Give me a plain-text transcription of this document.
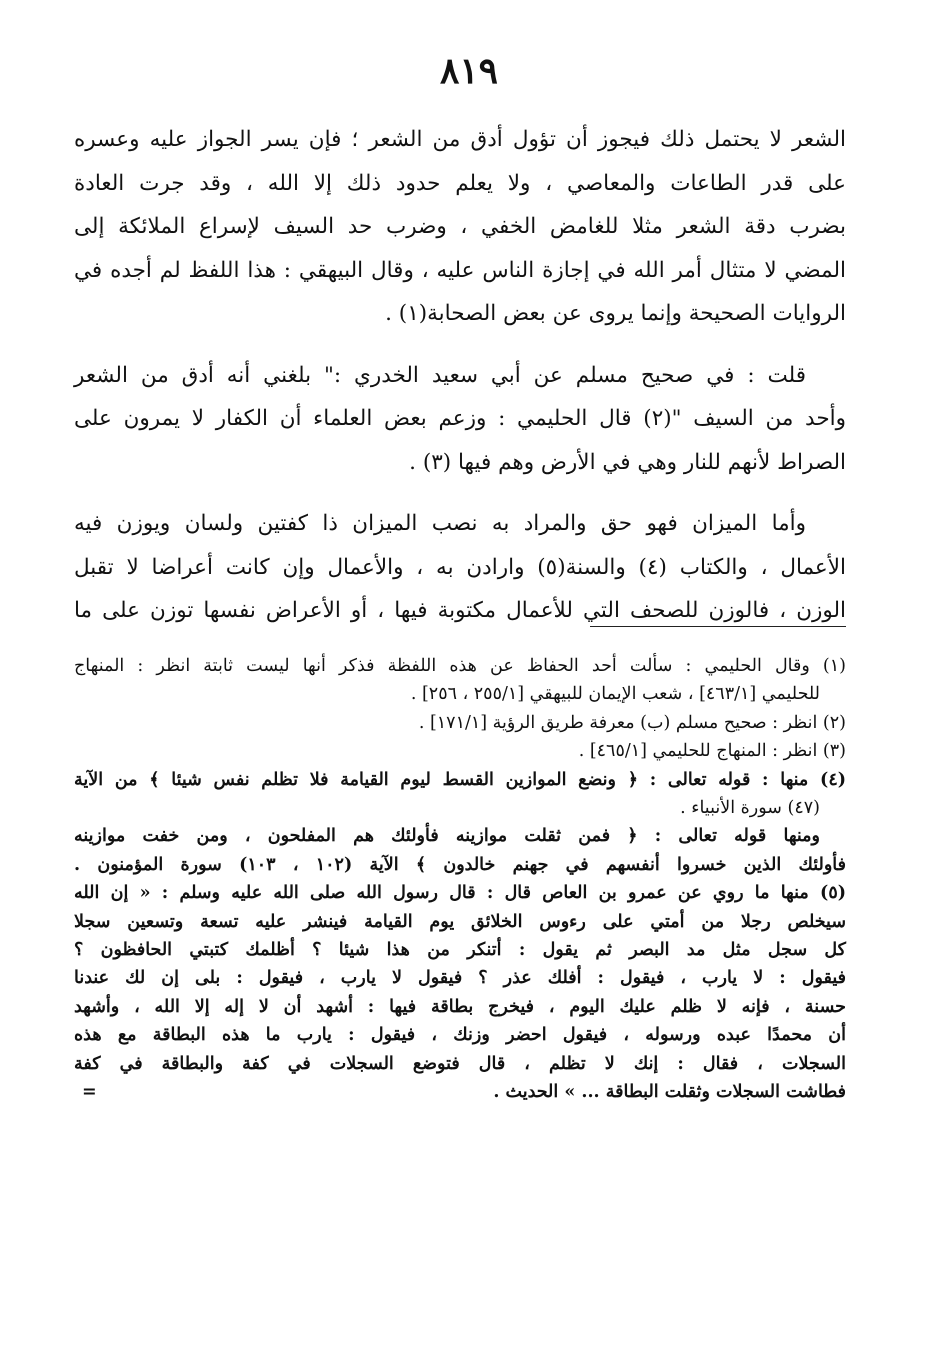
٨١٩

الشعر لا يحتمل ذلك فيجوز أن تؤول أدق من الشعر ؛ فإن يسر الجواز عليه وعسره
على قدر الطاعات والمعاصي ، ولا يعلم حدود ذلك إلا الله ، وقد جرت العادة
بضرب دقة الشعر مثلا للغامض الخفي ، وضرب حد السيف لإسراع الملائكة إلى
المضي لا متثال أمر الله في إجازة الناس عليه ، وقال البيهقي : هذا اللفظ لم أجده في
الروايات الصحيحة وإنما يروى عن بعض الصحابة(١) .

قلت : في صحيح مسلم عن أبي سعيد الخدري :" بلغني أنه أدق من الشعر
وأحد من السيف "(٢) قال الحليمي : وزعم بعض العلماء أن الكفار لا يمرون على
الصراط لأنهم للنار وهي في الأرض وهم فيها (٣) .

وأما الميزان فهو حق والمراد به نصب الميزان ذا كفتين ولسان ويوزن فيه
الأعمال ، والكتاب (٤) والسنة(٥) وارادن به ، والأعمال وإن كانت أعراضا لا تقبل
الوزن ، فالوزن للصحف التي للأعمال مكتوبة فيها ، أو الأعراض نفسها توزن على ما

(١) وقال الحليمي : سألت أحد الحفاظ عن هذه اللفظة فذكر أنها ليست ثابتة انظر : المنهاج
للحليمي [٤٦٣/١] ، شعب الإيمان للبيهقي [٢٥٥/١ ، ٢٥٦] .
(٢) انظر : صحيح مسلم (ب) معرفة طريق الرؤية [١٧١/١] .
(٣) انظر : المنهاج للحليمي [٤٦٥/١] .
(٤) منها : قوله تعالى : ﴿ ونضع الموازين القسط ليوم القيامة فلا تظلم نفس شيئا ﴾ من الآية
(٤٧) سورة الأنبياء .
ومنها قوله تعالى : ﴿ فمن ثقلت موازينه فأولئك هم المفلحون ، ومن خفت موازينه
فأولئك الذين خسروا أنفسهم في جهنم خالدون ﴾ الآية (١٠٢ ، ١٠٣) سورة المؤمنون .
(٥) منها ما روي عن عمرو بن العاص قال : قال رسول الله صلى الله عليه وسلم : « إن الله
سيخلص رجلا من أمتي على رءوس الخلائق يوم القيامة فينشر عليه تسعة وتسعين سجلا
كل سجل مثل مد البصر ثم يقول : أتنكر من هذا شيئا ؟ أظلمك كتبتي الحافظون ؟
فيقول : لا يارب ، فيقول : أفلك عذر ؟ فيقول لا يارب ، فيقول : بلى إن لك عندنا
حسنة ، فإنه لا ظلم عليك اليوم ، فيخرج بطاقة فيها : أشهد أن لا إله إلا الله ، وأشهد
أن محمدًا عبده ورسوله ، فيقول احضر وزنك ، فيقول : يارب ما هذه البطاقة مع هذه
السجلات ، فقال : إنك لا تظلم ، قال فتوضع السجلات في كفة والبطاقة في كفة
فطاشت السجلات وثقلت البطاقة ... » الحديث .
=
